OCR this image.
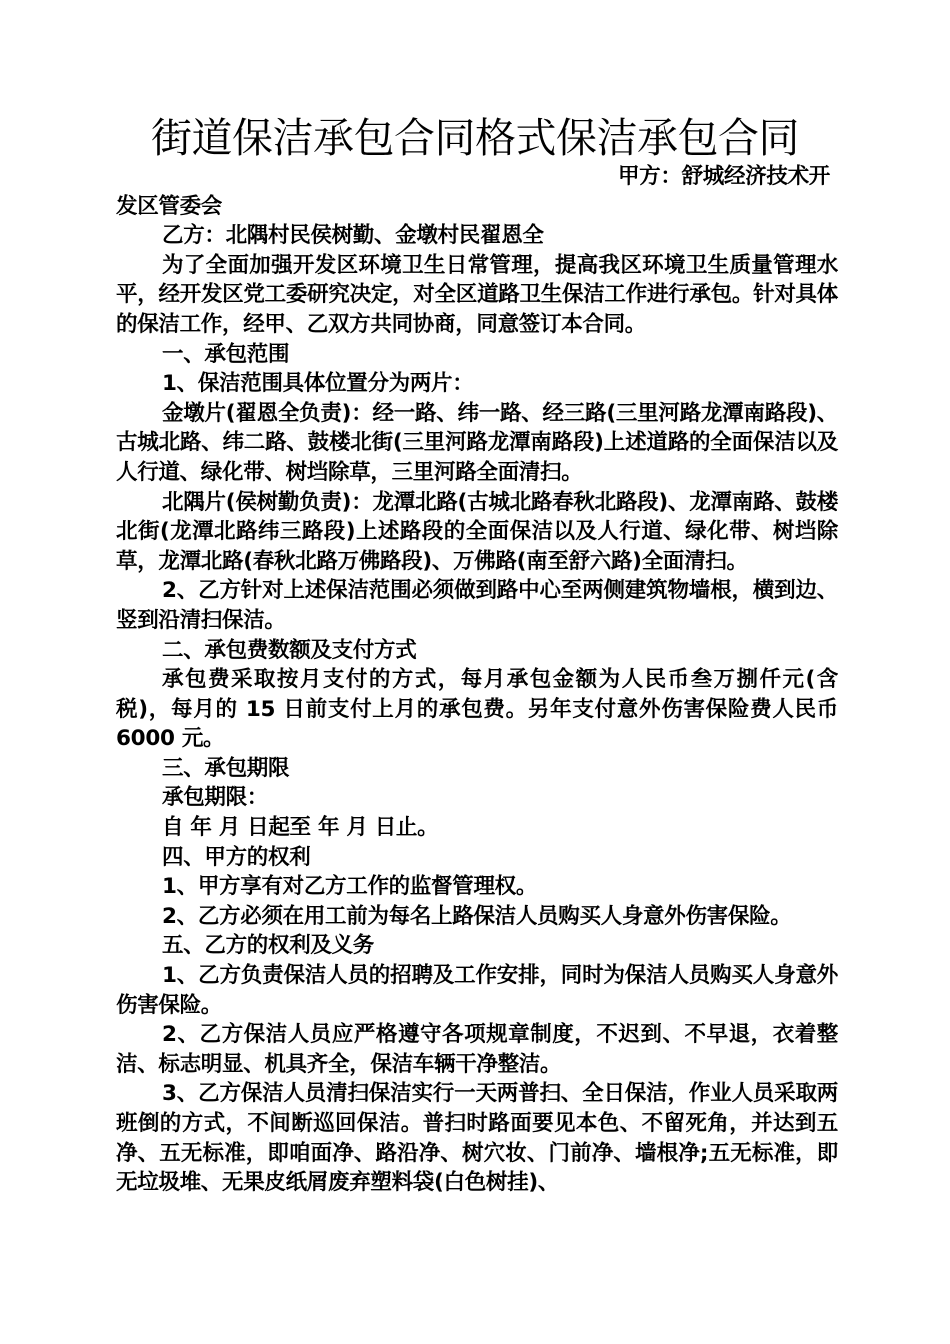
街道保洁承包合同格式保洁承包合同

甲方：舒城经济技术开

发区管委会

乙方：北隅村民侯树勤、金墩村民翟恩全

为了全面加强开发区环境卫生日常管理，提高我区环境卫生质量管理水平，经开发区党工委研究决定，对全区道路卫生保洁工作进行承包。针对具体的保洁工作，经甲、乙双方共同协商，同意签订本合同。

一、承包范围

1、保洁范围具体位置分为两片：

金墩片(翟恩全负责)：经一路、纬一路、经三路(三里河路龙潭南路段)、古城北路、纬二路、鼓楼北街(三里河路龙潭南路段)上述道路的全面保洁以及人行道、绿化带、树垱除草，三里河路全面清扫。

北隅片(侯树勤负责)：龙潭北路(古城北路春秋北路段)、龙潭南路、鼓楼北街(龙潭北路纬三路段)上述路段的全面保洁以及人行道、绿化带、树垱除草，龙潭北路(春秋北路万佛路段)、万佛路(南至舒六路)全面清扫。

2、乙方针对上述保洁范围必须做到路中心至两侧建筑物墙根，横到边、竖到沿清扫保洁。

二、承包费数额及支付方式

承包费采取按月支付的方式，每月承包金额为人民币叁万捌仟元(含税)，每月的 15 日前支付上月的承包费。另年支付意外伤害保险费人民币 6000 元。

三、承包期限

承包期限：

自 年 月 日起至 年 月 日止。

四、甲方的权利

1、甲方享有对乙方工作的监督管理权。

2、乙方必须在用工前为每名上路保洁人员购买人身意外伤害保险。

五、乙方的权利及义务

1、乙方负责保洁人员的招聘及工作安排，同时为保洁人员购买人身意外伤害保险。

2、乙方保洁人员应严格遵守各项规章制度，不迟到、不早退，衣着整洁、标志明显、机具齐全，保洁车辆干净整洁。

3、乙方保洁人员清扫保洁实行一天两普扫、全日保洁，作业人员采取两班倒的方式，不间断巡回保洁。普扫时路面要见本色、不留死角，并达到五净、五无标准，即咱面净、路沿净、树穴妆、门前净、墙根净;五无标准，即无垃圾堆、无果皮纸屑废弃塑料袋(白色树挂)、
